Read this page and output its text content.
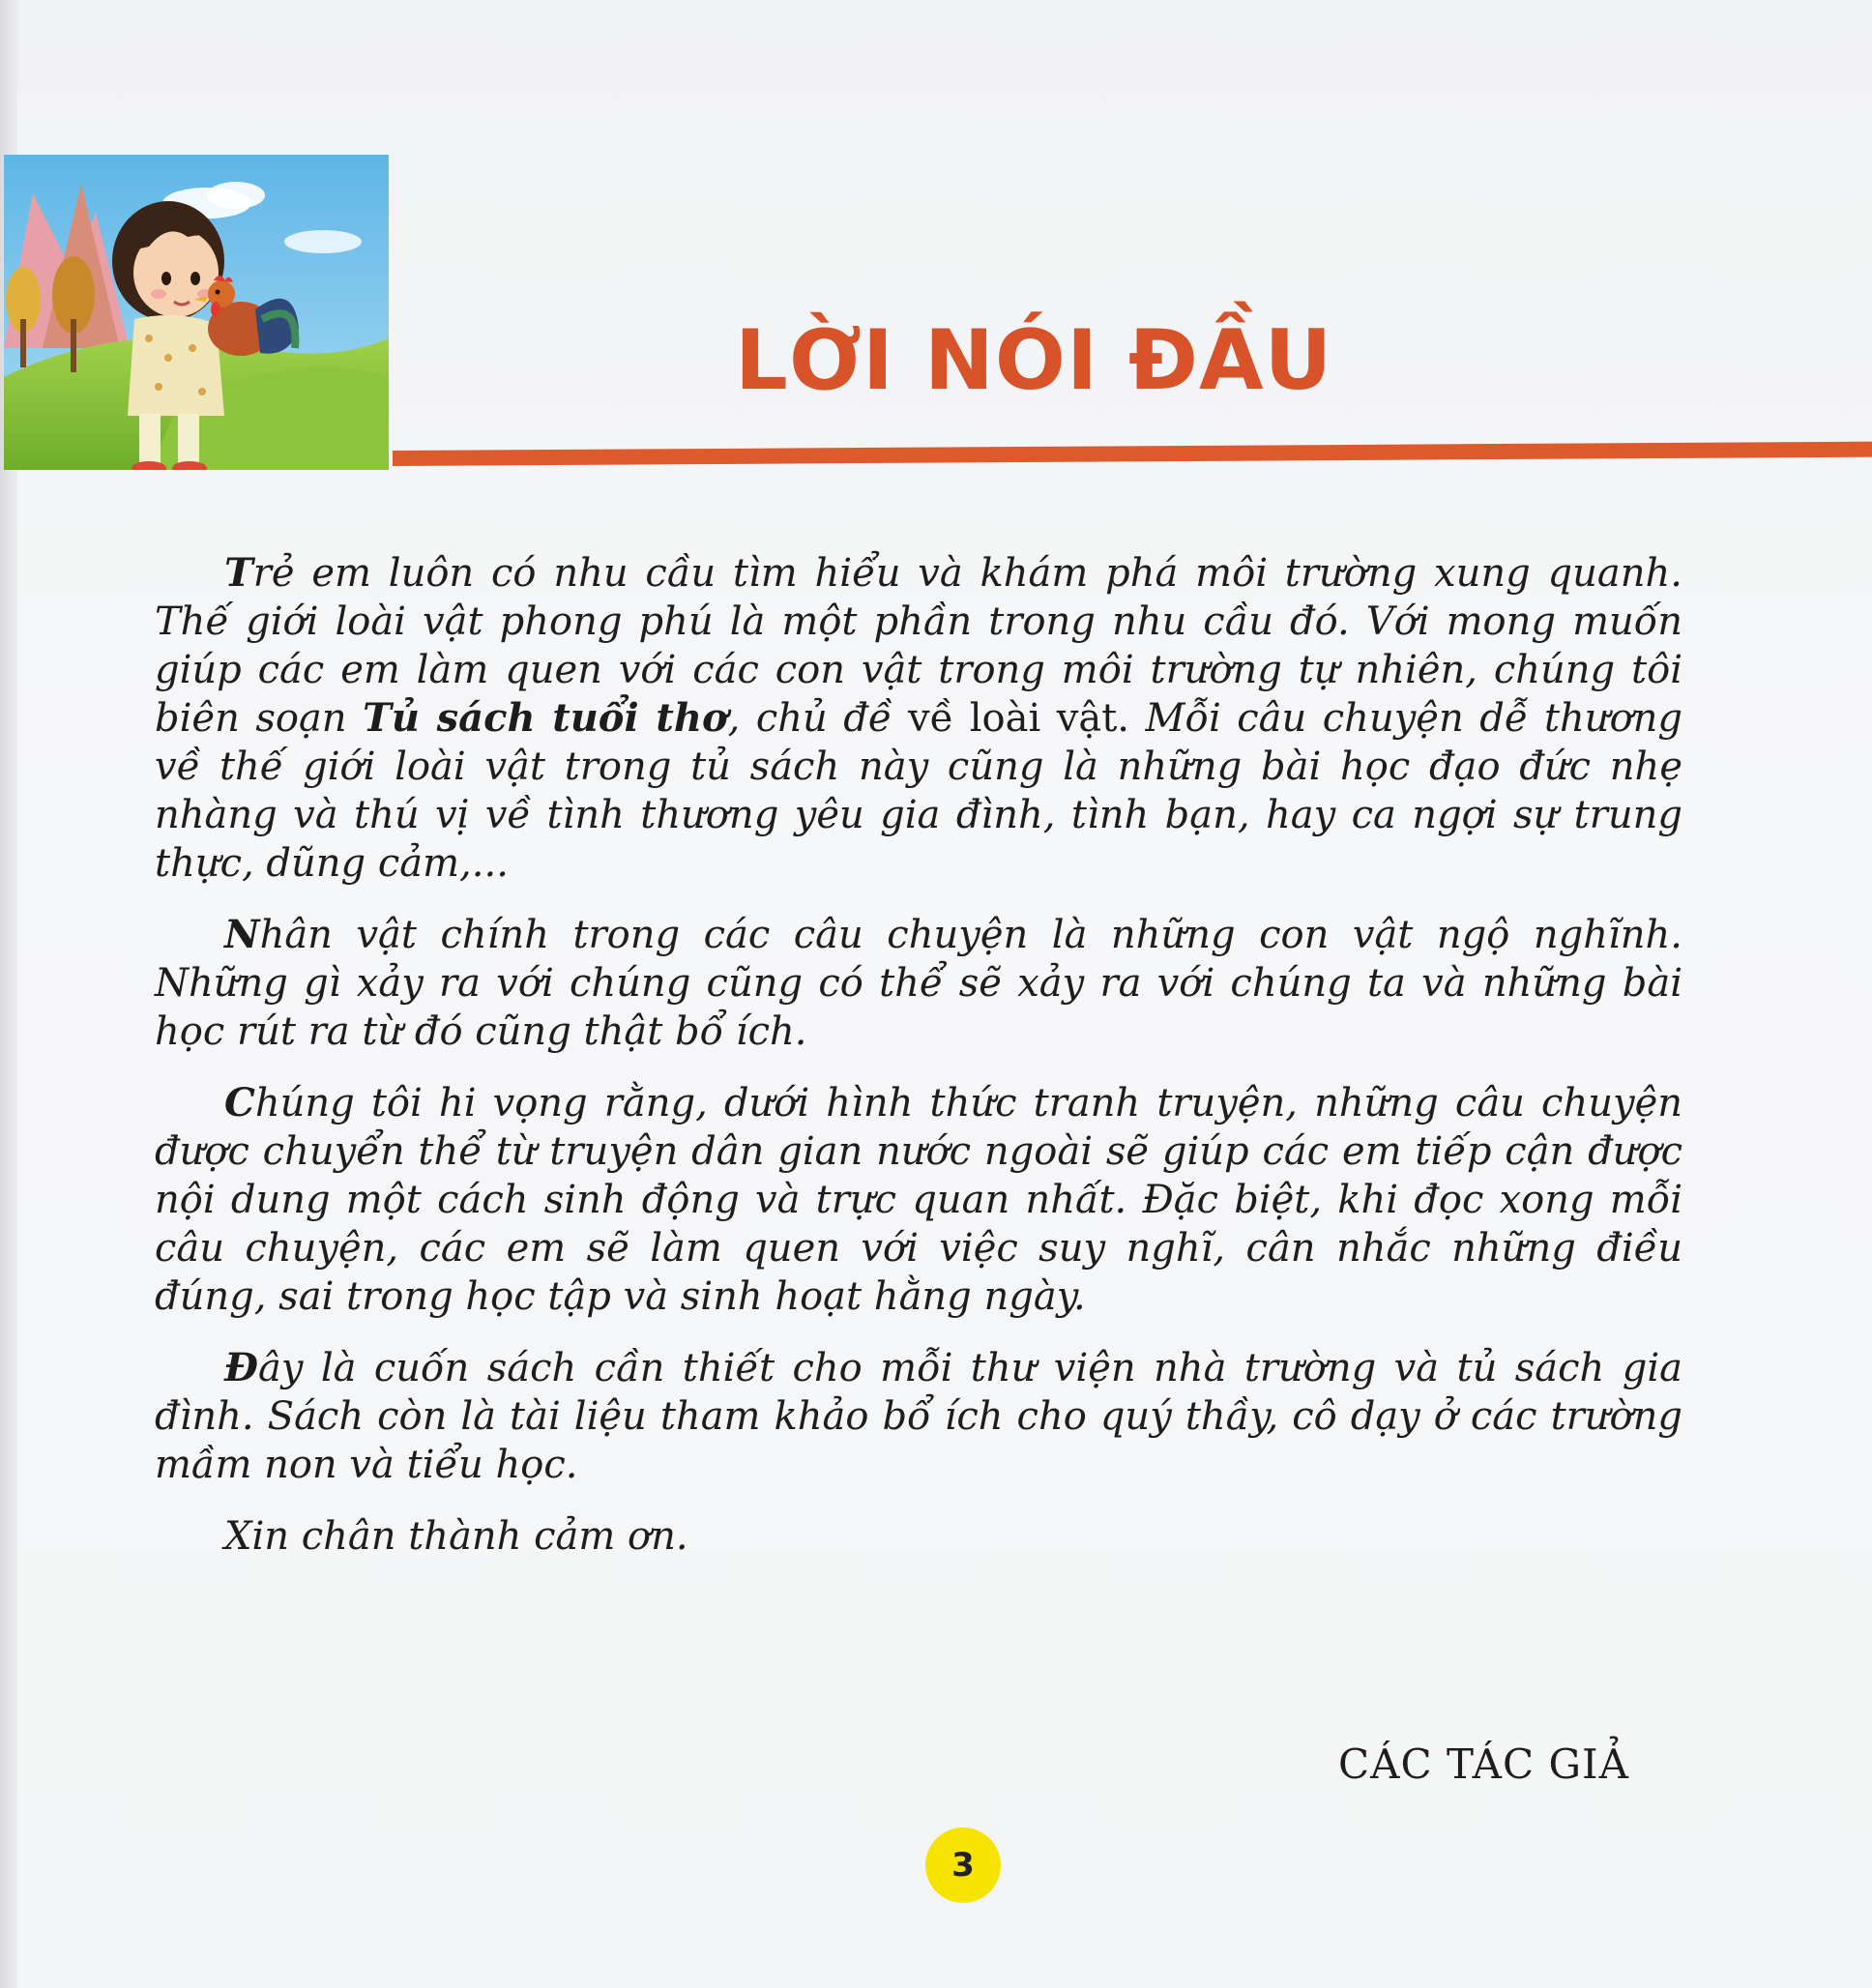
LỜI NÓI ĐẦU

Trẻ em luôn có nhu cầu tìm hiểu và khám phá môi trường xung quanh. Thế giới loài vật phong phú là một phần trong nhu cầu đó. Với mong muốn giúp các em làm quen với các con vật trong môi trường tự nhiên, chúng tôi biên soạn Tủ sách tuổi thơ, chủ đề về loài vật. Mỗi câu chuyện dễ thương về thế giới loài vật trong tủ sách này cũng là những bài học đạo đức nhẹ nhàng và thú vị về tình thương yêu gia đình, tình bạn, hay ca ngợi sự trung thực, dũng cảm,...

Nhân vật chính trong các câu chuyện là những con vật ngộ nghĩnh. Những gì xảy ra với chúng cũng có thể sẽ xảy ra với chúng ta và những bài học rút ra từ đó cũng thật bổ ích.

Chúng tôi hi vọng rằng, dưới hình thức tranh truyện, những câu chuyện được chuyển thể từ truyện dân gian nước ngoài sẽ giúp các em tiếp cận được nội dung một cách sinh động và trực quan nhất. Đặc biệt, khi đọc xong mỗi câu chuyện, các em sẽ làm quen với việc suy nghĩ, cân nhắc những điều đúng, sai trong học tập và sinh hoạt hằng ngày.

Đây là cuốn sách cần thiết cho mỗi thư viện nhà trường và tủ sách gia đình. Sách còn là tài liệu tham khảo bổ ích cho quý thầy, cô dạy ở các trường mầm non và tiểu học.

Xin chân thành cảm ơn.

CÁC TÁC GIẢ
3
